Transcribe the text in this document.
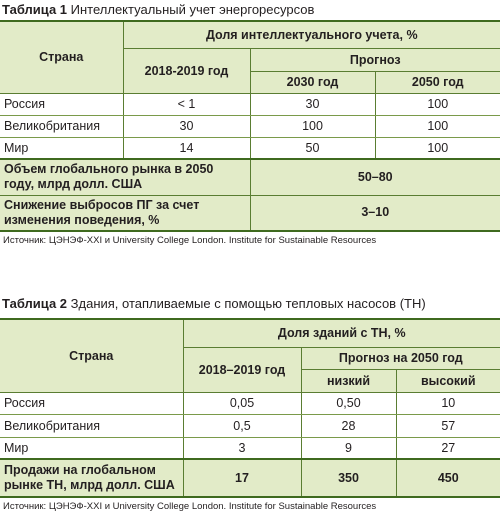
Таблица 1 Интеллектуальный учет энергоресурсов
Страна	Доля интеллектуального учета, %		
	2018-2019 год	Прогноз	
		2030 год	2050 год
Россия	< 1	30	100
Великобритания	30	100	100
Мир	14	50	100

Объем глобального рынка в 2050
году, млрд долл. США		50–80	

Снижение выбросов ПГ за счет
изменения поведения, %		3–10	
Источник: ЦЭНЭФ-XXI и University College London. Institute for Sustainable Resources
Таблица 2 Здания, отапливаемые с помощью тепловых насосов (ТН)
Страна	Доля зданий с ТН, %		
	2018–2019 год	Прогноз на 2050 год	
		низкий	высокий
Россия	0,05	0,50	10
Великобритания	0,5	28	57
Мир	3	9	27

Продажи на глобальном
рынке ТН, млрд долл. США	17	350	450
Источник: ЦЭНЭФ-XXI и University College London. Institute for Sustainable Resources
